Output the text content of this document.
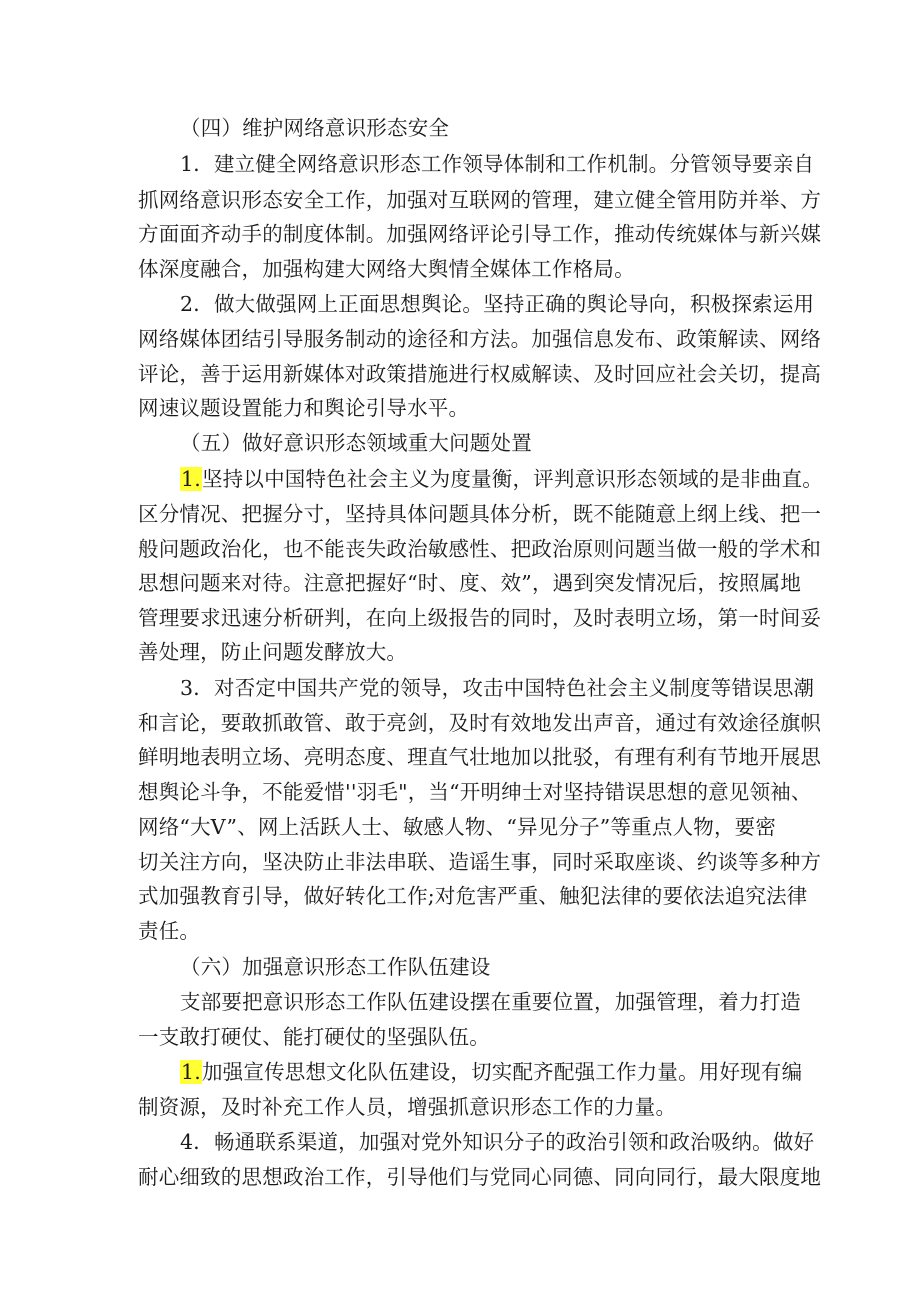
（四）维护网络意识形态安全
1．建立健全网络意识形态工作领导体制和工作机制。分管领导要亲自
抓网络意识形态安全工作，加强对互联网的管理，建立健全管用防并举、方
方面面齐动手的制度体制。加强网络评论引导工作，推动传统媒体与新兴媒
体深度融合，加强构建大网络大舆情全媒体工作格局。
2．做大做强网上正面思想舆论。坚持正确的舆论导向，积极探索运用
网络媒体团结引导服务制动的途径和方法。加强信息发布、政策解读、网络
评论，善于运用新媒体对政策措施进行权威解读、及时回应社会关切，提高
网速议题设置能力和舆论引导水平。
（五）做好意识形态领域重大问题处置
1.坚持以中国特色社会主义为度量衡，评判意识形态领域的是非曲直。
区分情况、把握分寸，坚持具体问题具体分析，既不能随意上纲上线、把一
般问题政治化，也不能丧失政治敏感性、把政治原则问题当做一般的学术和
思想问题来对待。注意把握好“时、度、效”，遇到突发情况后，按照属地
管理要求迅速分析研判，在向上级报告的同时，及时表明立场，第一时间妥
善处理，防止问题发酵放大。
3．对否定中国共产党的领导，攻击中国特色社会主义制度等错误思潮
和言论，要敢抓敢管、敢于亮剑，及时有效地发出声音，通过有效途径旗帜
鲜明地表明立场、亮明态度、理直气壮地加以批驳，有理有利有节地开展思
想舆论斗争，不能爱惜''羽毛"，当“开明绅士对坚持错误思想的意见领袖、
网络“大V”、网上活跃人士、敏感人物、“异见分子”等重点人物，要密
切关注方向，坚决防止非法串联、造谣生事，同时采取座谈、约谈等多种方
式加强教育引导，做好转化工作;对危害严重、触犯法律的要依法追究法律
责任。
（六）加强意识形态工作队伍建设
支部要把意识形态工作队伍建设摆在重要位置，加强管理，着力打造
一支敢打硬仗、能打硬仗的坚强队伍。
1.加强宣传思想文化队伍建设，切实配齐配强工作力量。用好现有编
制资源，及时补充工作人员，增强抓意识形态工作的力量。
4．畅通联系渠道，加强对党外知识分子的政治引领和政治吸纳。做好
耐心细致的思想政治工作，引导他们与党同心同德、同向同行，最大限度地
